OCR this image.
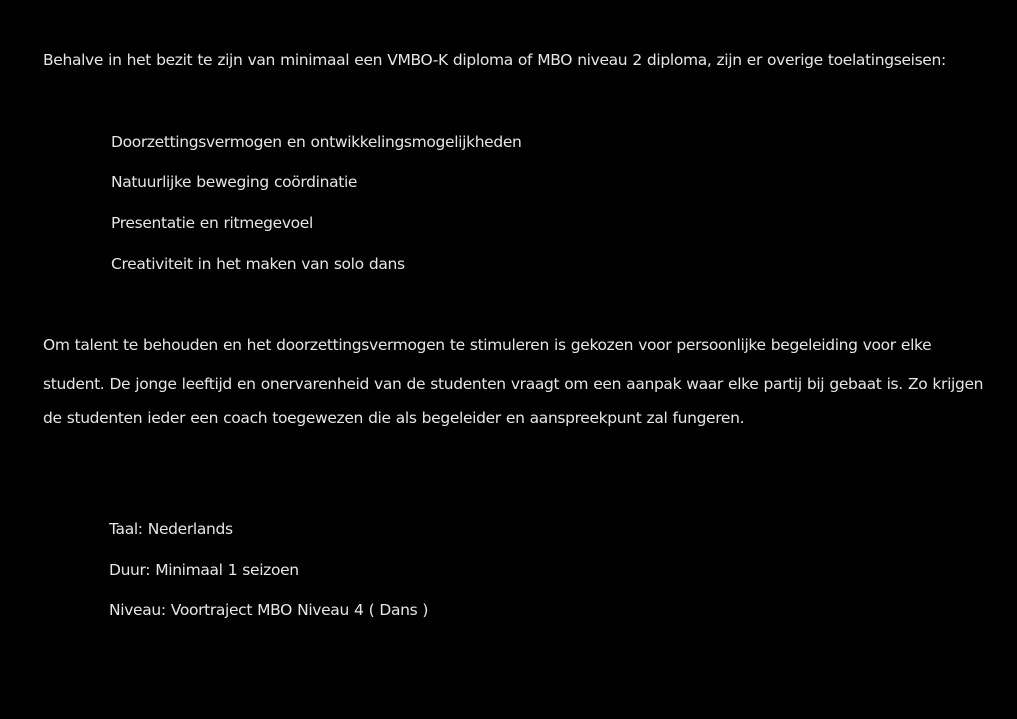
Behalve in het bezit te zijn van minimaal een VMBO-K diploma of MBO niveau 2 diploma, zijn er overige toelatingseisen:

Doorzettingsvermogen en ontwikkelingsmogelijkheden

Natuurlijke beweging coördinatie

Presentatie en ritmegevoel

Creativiteit in het maken van solo dans

Om talent te behouden en het doorzettingsvermogen te stimuleren is gekozen voor persoonlijke begeleiding voor elke

student. De jonge leeftijd en onervarenheid van de studenten vraagt om een aanpak waar elke partij bij gebaat is. Zo krijgen

de studenten ieder een coach toegewezen die als begeleider en aanspreekpunt zal fungeren.

Taal: Nederlands

Duur: Minimaal 1 seizoen

Niveau: Voortraject MBO Niveau 4 ( Dans )
